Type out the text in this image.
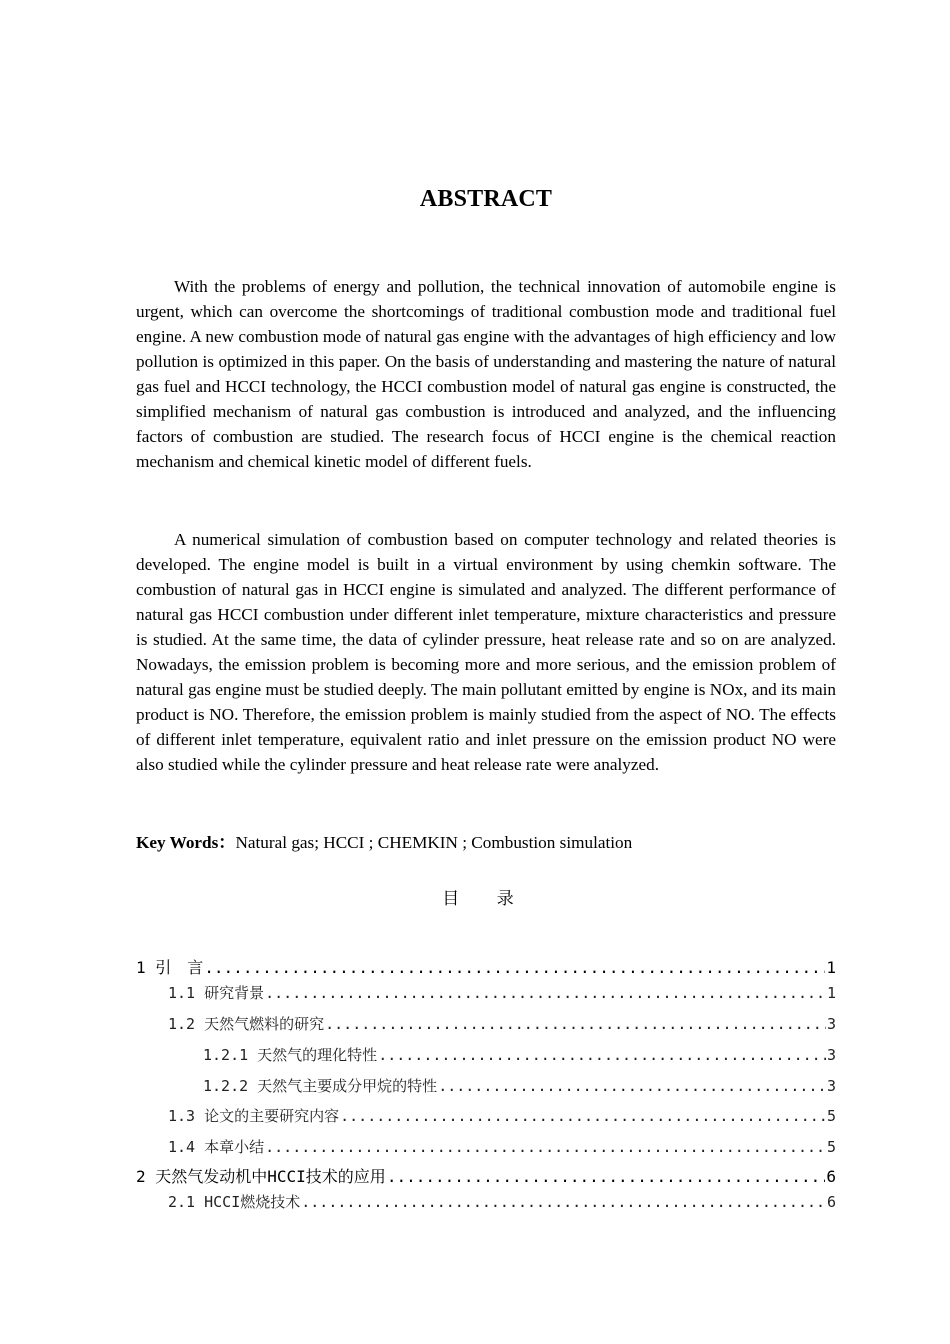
ABSTRACT

With the problems of energy and pollution, the technical innovation of automobile engine is urgent, which can overcome the shortcomings of traditional combustion mode and traditional fuel engine. A new combustion mode of natural gas engine with the advantages of high efficiency and low pollution is optimized in this paper. On the basis of understanding and mastering the nature of natural gas fuel and HCCI technology, the HCCI combustion model of natural gas engine is constructed, the simplified mechanism of natural gas combustion is introduced and analyzed, and the influencing factors of combustion are studied. The research focus of HCCI engine is the chemical reaction mechanism and chemical kinetic model of different fuels.

A numerical simulation of combustion based on computer technology and related theories is developed. The engine model is built in a virtual environment by using chemkin software. The combustion of natural gas in HCCI engine is simulated and analyzed. The different performance of natural gas HCCI combustion under different inlet temperature, mixture characteristics and pressure is studied. At the same time, the data of cylinder pressure, heat release rate and so on are analyzed. Nowadays, the emission problem is becoming more and more serious, and the emission problem of natural gas engine must be studied deeply. The main pollutant emitted by engine is NOx, and its main product is NO. Therefore, the emission problem is mainly studied from the aspect of NO. The effects of different inlet temperature, equivalent ratio and inlet pressure on the emission product NO were also studied while the cylinder pressure and heat release rate were analyzed.

Key Words：Natural gas; HCCI ; CHEMKIN ; Combustion simulation
目 录
1 引　言 .....	1
1.1 研究背景 .....	1
1.2 天然气燃料的研究 .....	3
1.2.1 天然气的理化特性 .....	3
1.2.2 天然气主要成分甲烷的特性 .....	3
1.3 论文的主要研究内容 .....	5
1.4 本章小结 .....	5
2 天然气发动机中HCCI技术的应用 .....	6
2.1 HCCI燃烧技术 .....	6
